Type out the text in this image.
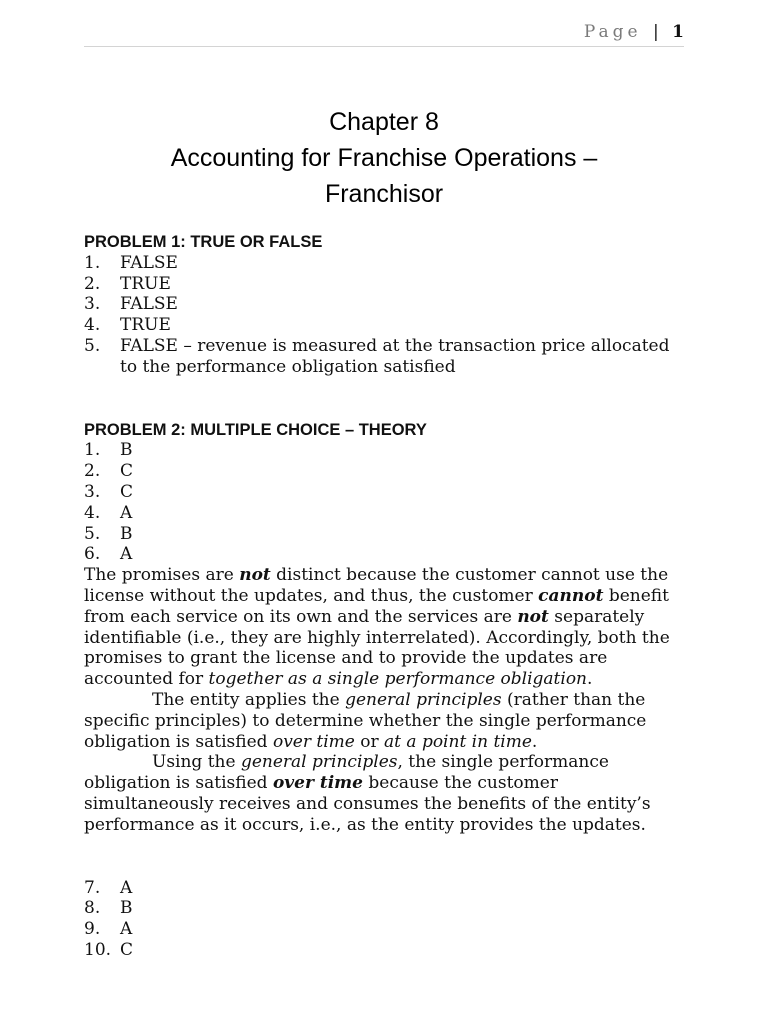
Page | 1
Chapter 8
Accounting for Franchise Operations –
Franchisor
PROBLEM 1: TRUE OR FALSE
1.	FALSE
2.	TRUE
3.	FALSE
4.	TRUE
5.	FALSE – revenue is measured at the transaction price allocated to the performance obligation satisfied
PROBLEM 2: MULTIPLE CHOICE – THEORY
1.	B
2.	C
3.	C
4.	A
5.	B
6.	A

The promises are not distinct because the customer cannot use the license without the updates, and thus, the customer cannot benefit from each service on its own and the services are not separately identifiable (i.e., they are highly interrelated). Accordingly, both the promises to grant the license and to provide the updates are accounted for together as a single performance obligation.

The entity applies the general principles (rather than the specific principles) to determine whether the single performance obligation is satisfied over time or at a point in time.

Using the general principles, the single performance obligation is satisfied over time because the customer simultaneously receives and consumes the benefits of the entity’s performance as it occurs, i.e., as the entity provides the updates.

7.	A
8.	B
9.	A
10. C
